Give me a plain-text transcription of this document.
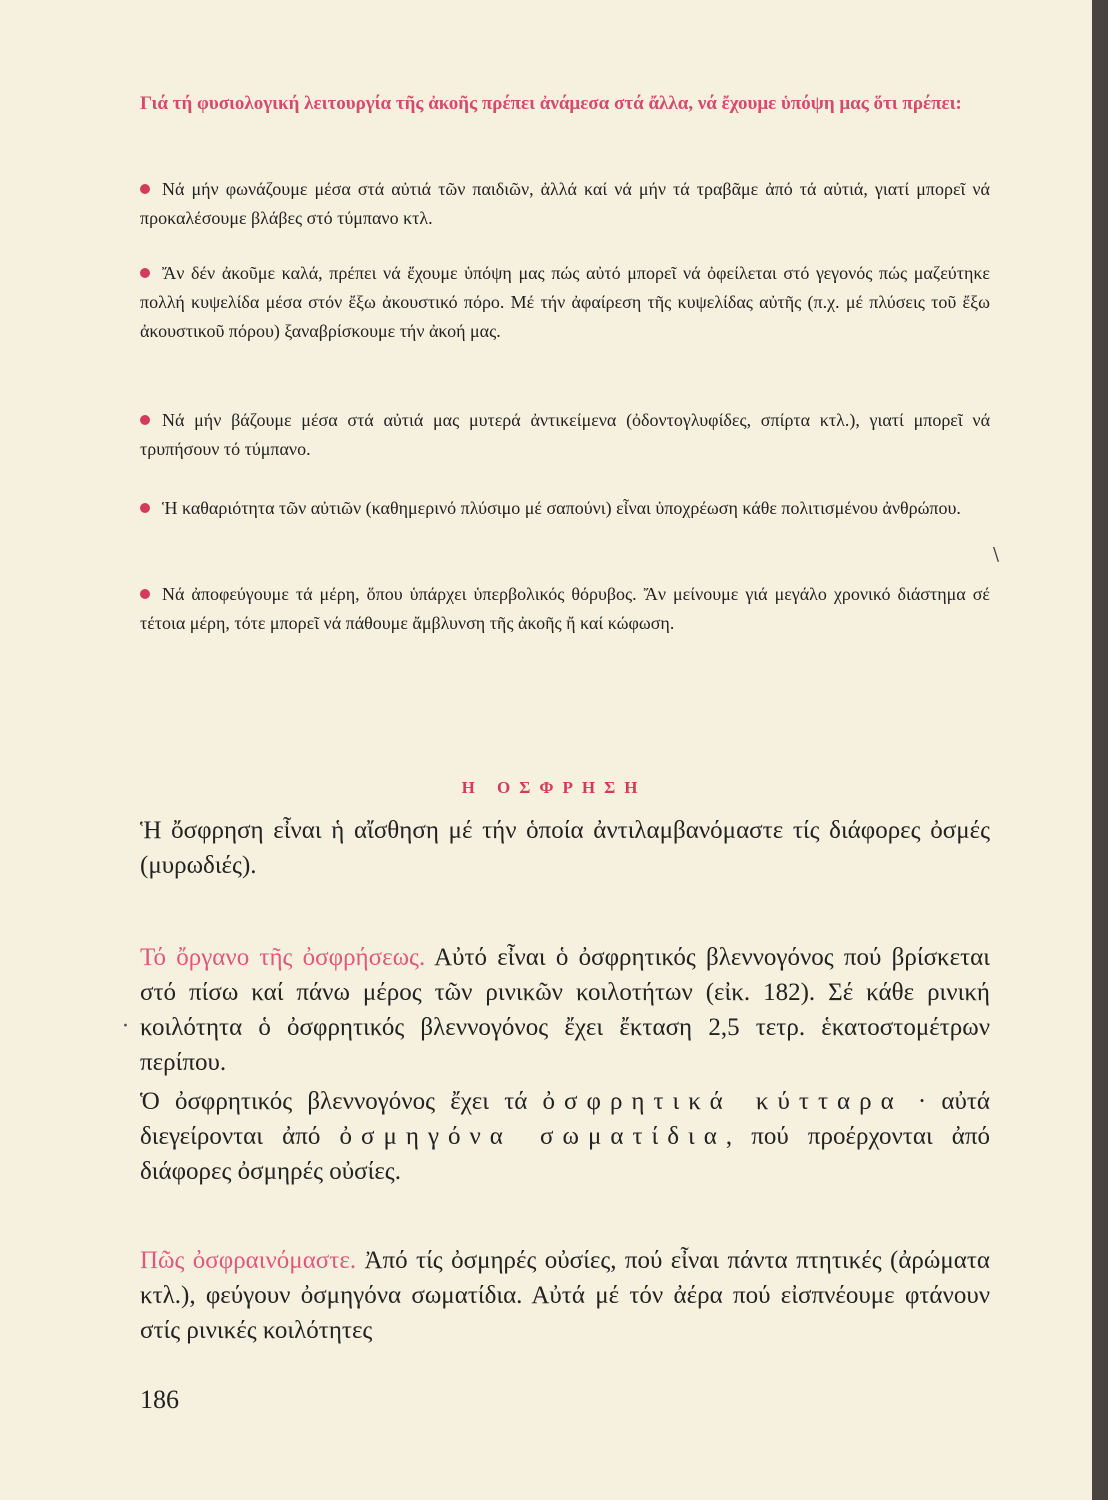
Γιά τή φυσιολογική λειτουργία τῆς ἀκοῆς πρέπει ἀνάμεσα στά ἄλλα, νά ἔχουμε ὑπόψη μας ὅτι πρέπει:
Νά μήν φωνάζουμε μέσα στά αὐτιά τῶν παιδιῶν, ἀλλά καί νά μήν τά τραβᾶμε ἀπό τά αὐτιά, γιατί μπορεῖ νά προκαλέσουμε βλάβες στό τύμπανο κτλ.
Ἄν δέν ἀκοῦμε καλά, πρέπει νά ἔχουμε ὑπόψη μας πώς αὐτό μπορεῖ νά ὀφείλεται στό γεγονός πώς μαζεύτηκε πολλή κυψελίδα μέσα στόν ἔξω ἀκουστικό πόρο. Μέ τήν ἀφαίρεση τῆς κυψελίδας αὐτῆς (π.χ. μέ πλύσεις τοῦ ἔξω ἀκουστικοῦ πόρου) ξαναβρίσκουμε τήν ἀκοή μας.
Νά μήν βάζουμε μέσα στά αὐτιά μας μυτερά ἀντικείμενα (ὀδοντογλυφίδες, σπίρτα κτλ.), γιατί μπορεῖ νά τρυπήσουν τό τύμπανο.
Ἡ καθαριότητα τῶν αὐτιῶν (καθημερινό πλύσιμο μέ σαπούνι) εἶναι ὑποχρέωση κάθε πολιτισμένου ἀνθρώπου.
\
Νά ἀποφεύγουμε τά μέρη, ὅπου ὑπάρχει ὑπερβολικός θόρυβος. Ἄν μείνουμε γιά μεγάλο χρονικό διάστημα σέ τέτοια μέρη, τότε μπορεῖ νά πάθουμε ἄμβλυνση τῆς ἀκοῆς ἤ καί κώφωση.
Η ΟΣΦΡΗΣΗ
Ἡ ὄσφρηση εἶναι ἡ αἴσθηση μέ τήν ὁποία ἀντιλαμβανόμαστε τίς διάφορες ὀσμές (μυρωδιές).
Τό ὄργανο τῆς ὀσφρήσεως. Αὐτό εἶναι ὁ ὀσφρητικός βλεννογόνος πού βρίσκεται στό πίσω καί πάνω μέρος τῶν ρινικῶν κοιλοτήτων (εἰκ. 182). Σέ κάθε ρινική κοιλότητα ὁ ὀσφρητικός βλεννογόνος ἔχει ἔκταση 2,5 τετρ. ἑκατοστομέτρων περίπου.
·
Ὁ ὀσφρητικός βλεννογόνος ἔχει τά ὀσφρητικά κύτταρα · αὐτά διεγείρονται ἀπό ὀσμηγόνα σωματίδια, πού προέρχονται ἀπό διάφορες ὀσμηρές οὐσίες.
Πῶς ὀσφραινόμαστε. Ἀπό τίς ὀσμηρές οὐσίες, πού εἶναι πάντα πτητικές (ἀρώματα κτλ.), φεύγουν ὀσμηγόνα σωματίδια. Αὐτά μέ τόν ἀέρα πού εἰσπνέουμε φτάνουν στίς ρινικές κοιλότητες
186
